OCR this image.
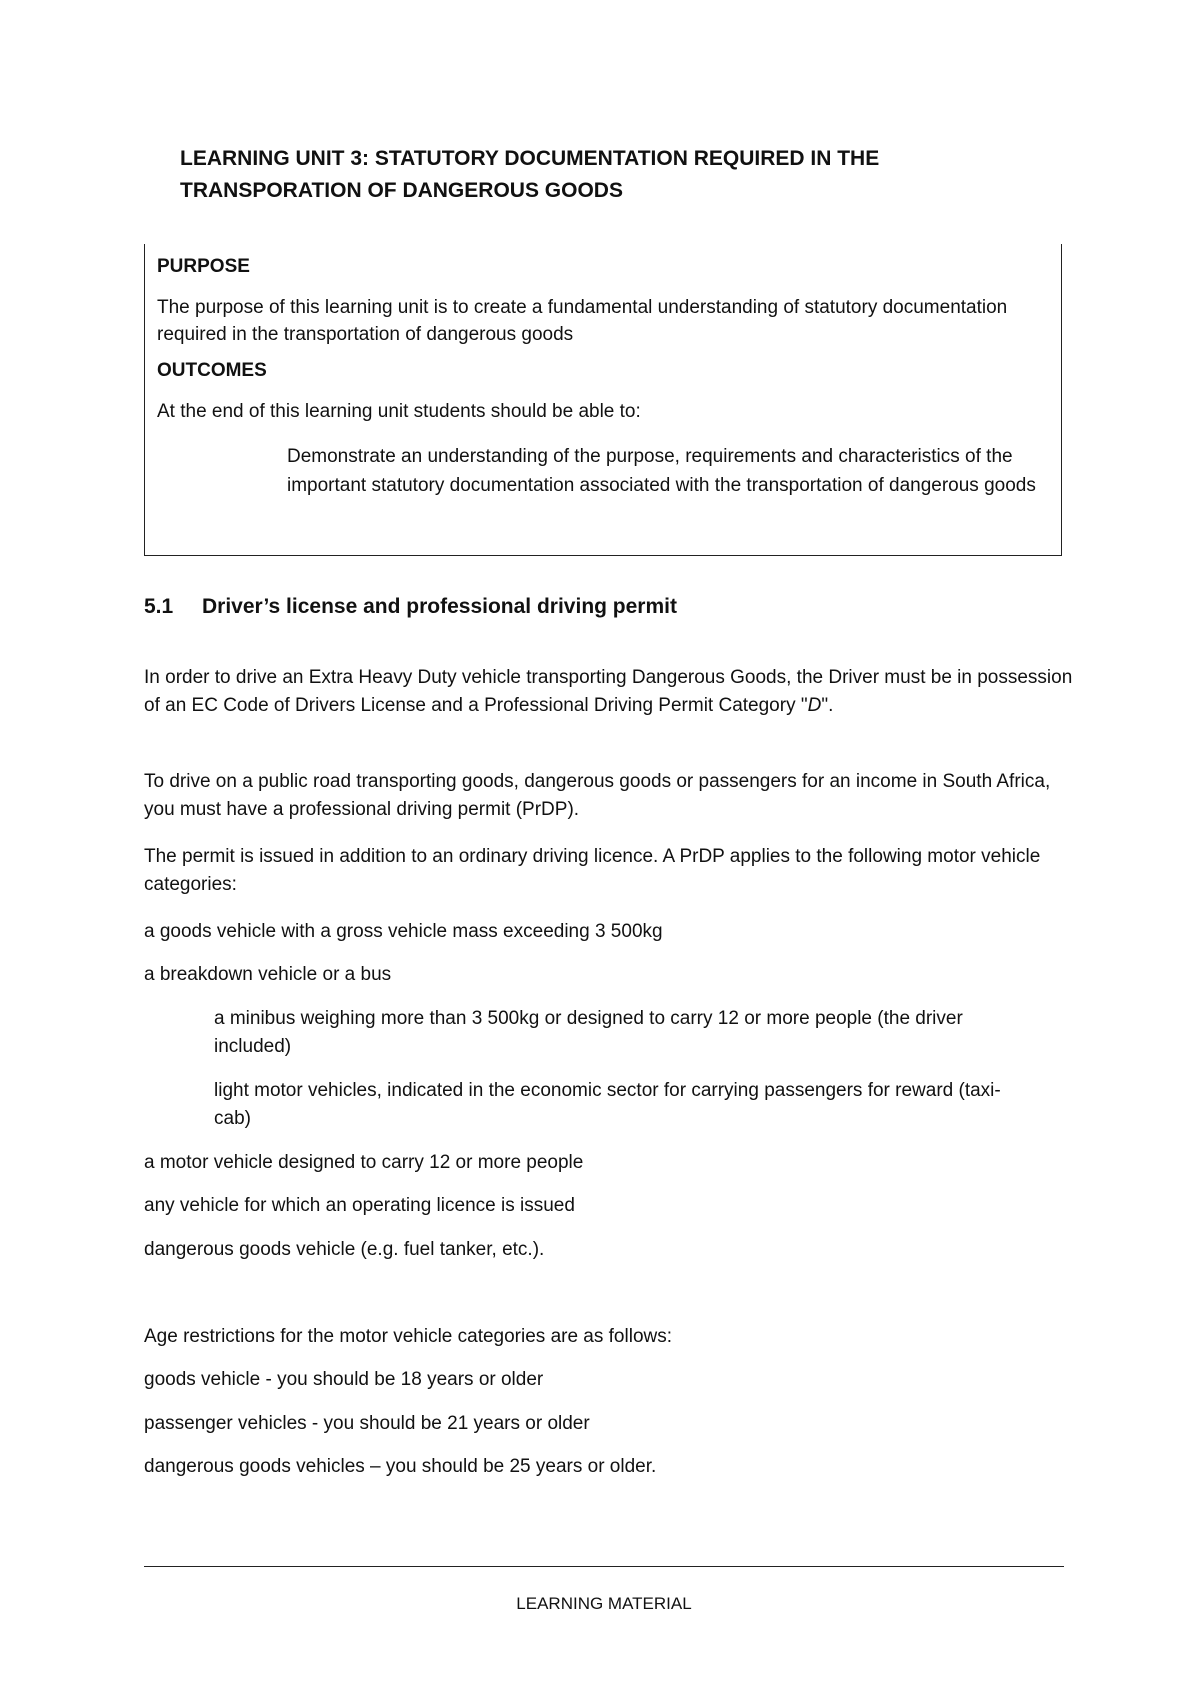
LEARNING UNIT 3: STATUTORY DOCUMENTATION REQUIRED IN THE
TRANSPORATION OF DANGEROUS GOODS

PURPOSE

The purpose of this learning unit is to create a fundamental understanding of statutory documentation required in the transportation of dangerous goods

OUTCOMES

At the end of this learning unit students should be able to:

Demonstrate an understanding of the purpose, requirements and characteristics of the important statutory documentation associated with the transportation of dangerous goods

5.1 Driver’s license and professional driving permit

In order to drive an Extra Heavy Duty vehicle transporting Dangerous Goods, the Driver must be in possession of an EC Code of Drivers License and a Professional Driving Permit Category "D".

To drive on a public road transporting goods, dangerous goods or passengers for an income in South Africa, you must have a professional driving permit (PrDP).

The permit is issued in addition to an ordinary driving licence. A PrDP applies to the following motor vehicle categories:

a goods vehicle with a gross vehicle mass exceeding 3 500kg

a breakdown vehicle or a bus

a minibus weighing more than 3 500kg or designed to carry 12 or more people (the driver included)

light motor vehicles, indicated in the economic sector for carrying passengers for reward (taxi-cab)

a motor vehicle designed to carry 12 or more people

any vehicle for which an operating licence is issued

dangerous goods vehicle (e.g. fuel tanker, etc.).

Age restrictions for the motor vehicle categories are as follows:

goods vehicle - you should be 18 years or older

passenger vehicles - you should be 21 years or older

dangerous goods vehicles – you should be 25 years or older.

LEARNING MATERIAL
